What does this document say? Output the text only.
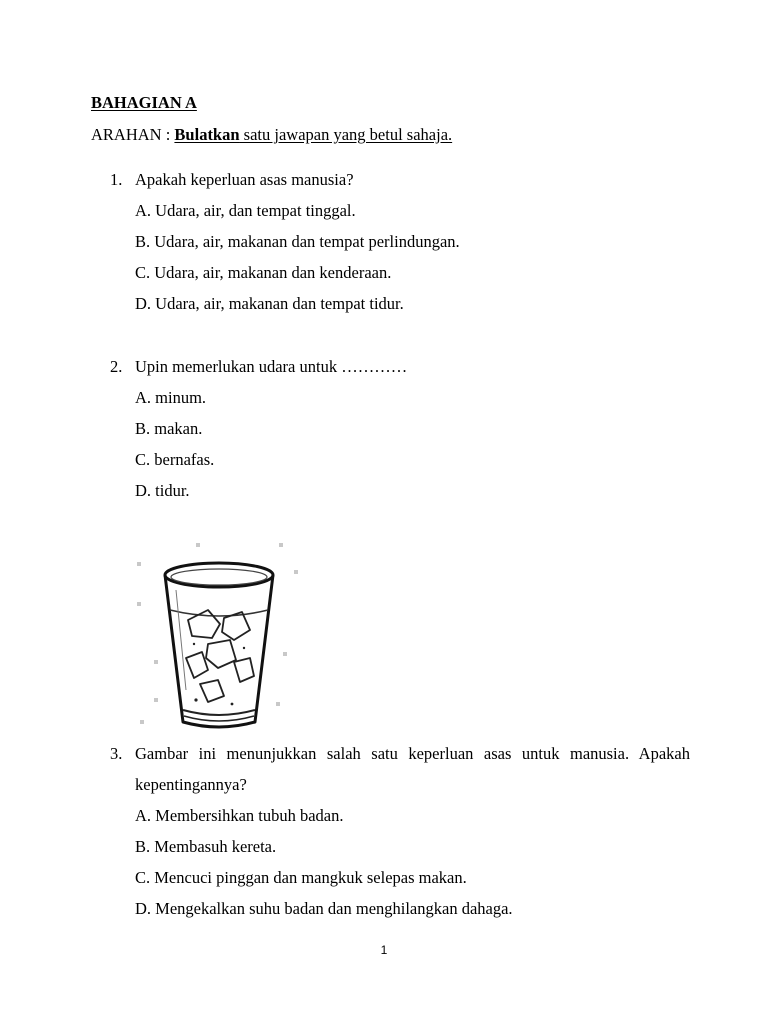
BAHAGIAN A

ARAHAN : Bulatkan satu jawapan yang betul sahaja.

1. Apakah keperluan asas manusia?
A. Udara, air, dan tempat tinggal.
B. Udara, air, makanan dan tempat perlindungan.
C. Udara, air, makanan dan kenderaan.
D. Udara, air, makanan dan tempat tidur.
2. Upin memerlukan udara untuk …………
A. minum.
B. makan.
C. bernafas.
D. tidur.
3. Gambar ini menunjukkan salah satu keperluan asas untuk manusia. Apakah kepentingannya?
A. Membersihkan tubuh badan.
B. Membasuh kereta.
C. Mencuci pinggan dan mangkuk selepas makan.
D. Mengekalkan suhu badan dan menghilangkan dahaga.
1
